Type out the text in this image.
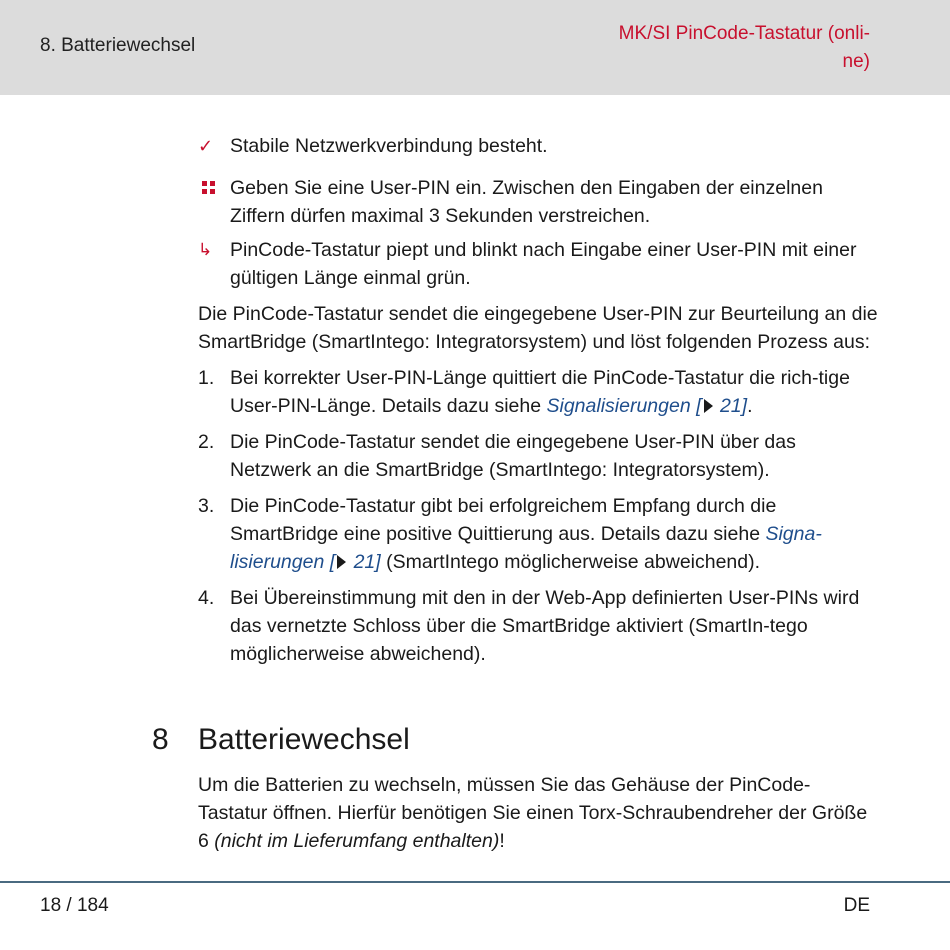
8. Batteriewechsel
MK/SI PinCode-Tastatur (onli-
ne)
✓ Stabile Netzwerkverbindung besteht.

Geben Sie eine User-PIN ein. Zwischen den Eingaben der einzelnen Ziffern dürfen maximal 3 Sekunden verstreichen.

↳ PinCode-Tastatur piept und blinkt nach Eingabe einer User-PIN mit einer gültigen Länge einmal grün.

Die PinCode-Tastatur sendet die eingegebene User-PIN zur Beurteilung an die SmartBridge (SmartIntego: Integratorsystem) und löst folgenden Prozess aus:

1. Bei korrekter User-PIN-Länge quittiert die PinCode-Tastatur die rich-tige User-PIN-Länge. Details dazu siehe Signalisierungen [ 21].

2. Die PinCode-Tastatur sendet die eingegebene User-PIN über das Netzwerk an die SmartBridge (SmartIntego: Integratorsystem).

3. Die PinCode-Tastatur gibt bei erfolgreichem Empfang durch die SmartBridge eine positive Quittierung aus. Details dazu siehe Signa-lisierungen [ 21] (SmartIntego möglicherweise abweichend).

4. Bei Übereinstimmung mit den in der Web-App definierten User-PINs wird das vernetzte Schloss über die SmartBridge aktiviert (SmartIn-tego möglicherweise abweichend).

8 Batteriewechsel

Um die Batterien zu wechseln, müssen Sie das Gehäuse der PinCode-Tastatur öffnen. Hierfür benötigen Sie einen Torx-Schraubendreher der Größe 6 (nicht im Lieferumfang enthalten)!

18 / 184	DE
